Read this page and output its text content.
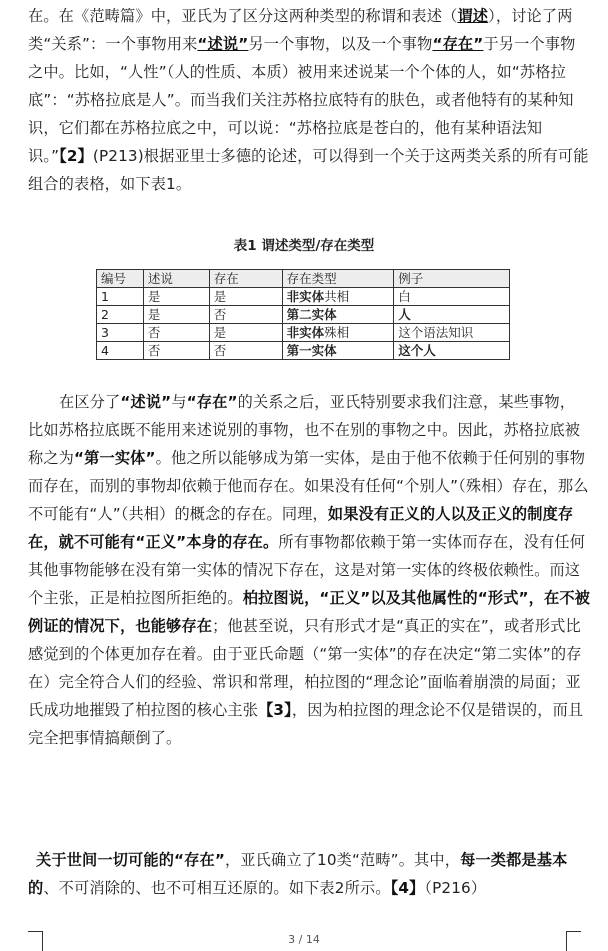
在。在《范畴篇》中，亚氏为了区分这两种类型的称谓和表述（谓述），讨论了两类“关系”：一个事物用来“述说”另一个事物，以及一个事物“存在”于另一个事物之中。比如，“人性”（人的性质、本质）被用来述说某一个个体的人，如“苏格拉底”：“苏格拉底是人”。而当我们关注苏格拉底特有的肤色，或者他特有的某种知识，它们都在苏格拉底之中，可以说：“苏格拉底是苍白的，他有某种语法知识。”【2】(P213)根据亚里士多德的论述，可以得到一个关于这两类关系的所有可能组合的表格，如下表1。

表1 谓述类型/存在类型
编号	述说	存在	存在类型	例子
1	是	是	非实体共相	白
2	是	否	第二实体	人
3	否	是	非实体殊相	这个语法知识
4	否	否	第一实体	这个人

在区分了“述说”与“存在”的关系之后，亚氏特别要求我们注意，某些事物，比如苏格拉底既不能用来述说别的事物，也不在别的事物之中。因此，苏格拉底被称之为“第一实体”。他之所以能够成为第一实体，是由于他不依赖于任何别的事物而存在，而别的事物却依赖于他而存在。如果没有任何“个别人”（殊相）存在，那么不可能有“人”（共相）的概念的存在。同理，如果没有正义的人以及正义的制度存在，就不可能有“正义”本身的存在。所有事物都依赖于第一实体而存在，没有任何其他事物能够在没有第一实体的情况下存在，这是对第一实体的终极依赖性。而这个主张，正是柏拉图所拒绝的。柏拉图说，“正义”以及其他属性的“形式”，在不被例证的情况下，也能够存在；他甚至说，只有形式才是“真正的实在”，或者形式比感觉到的个体更加存在着。由于亚氏命题（“第一实体”的存在决定“第二实体”的存在）完全符合人们的经验、常识和常理，柏拉图的“理念论”面临着崩溃的局面；亚氏成功地摧毁了柏拉图的核心主张【3】，因为柏拉图的理念论不仅是错误的，而且完全把事情搞颠倒了。

关于世间一切可能的“存在”，亚氏确立了10类“范畴”。其中，每一类都是基本的、不可消除的、也不可相互还原的。如下表2所示。【4】（P216）

3 / 14
